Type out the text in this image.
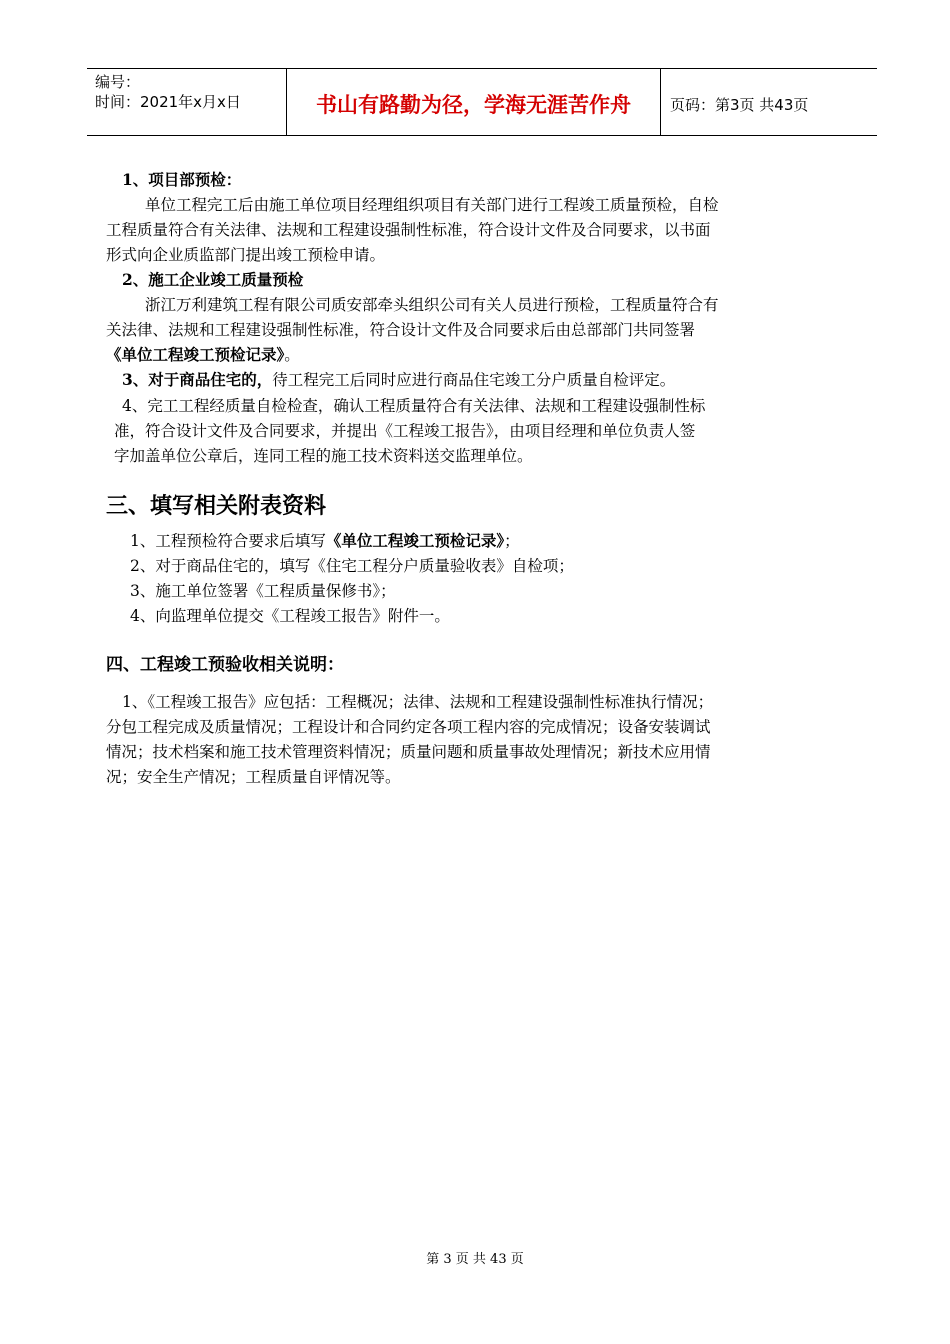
编号：
时间：2021年x月x日	书山有路勤为径，学海无涯苦作舟	页码：第3页 共43页
1、项目部预检：
单位工程完工后由施工单位项目经理组织项目有关部门进行工程竣工质量预检，自检
工程质量符合有关法律、法规和工程建设强制性标准，符合设计文件及合同要求，以书面
形式向企业质监部门提出竣工预检申请。
2、施工企业竣工质量预检
浙江万利建筑工程有限公司质安部牵头组织公司有关人员进行预检，工程质量符合有
关法律、法规和工程建设强制性标准，符合设计文件及合同要求后由总部部门共同签署
《单位工程竣工预检记录》。
3、对于商品住宅的，待工程完工后同时应进行商品住宅竣工分户质量自检评定。
4、完工工程经质量自检检查，确认工程质量符合有关法律、法规和工程建设强制性标
准，符合设计文件及合同要求，并提出《工程竣工报告》，由项目经理和单位负责人签
字加盖单位公章后，连同工程的施工技术资料送交监理单位。
三、填写相关附表资料
1、工程预检符合要求后填写《单位工程竣工预检记录》；
2、对于商品住宅的，填写《住宅工程分户质量验收表》自检项；
3、施工单位签署《工程质量保修书》；
4、向监理单位提交《工程竣工报告》附件一。
四、工程竣工预验收相关说明：
1、《工程竣工报告》应包括：工程概况；法律、法规和工程建设强制性标准执行情况；
分包工程完成及质量情况；工程设计和合同约定各项工程内容的完成情况；设备安装调试
情况；技术档案和施工技术管理资料情况；质量问题和质量事故处理情况；新技术应用情
况；安全生产情况；工程质量自评情况等。
第 3 页 共 43 页
